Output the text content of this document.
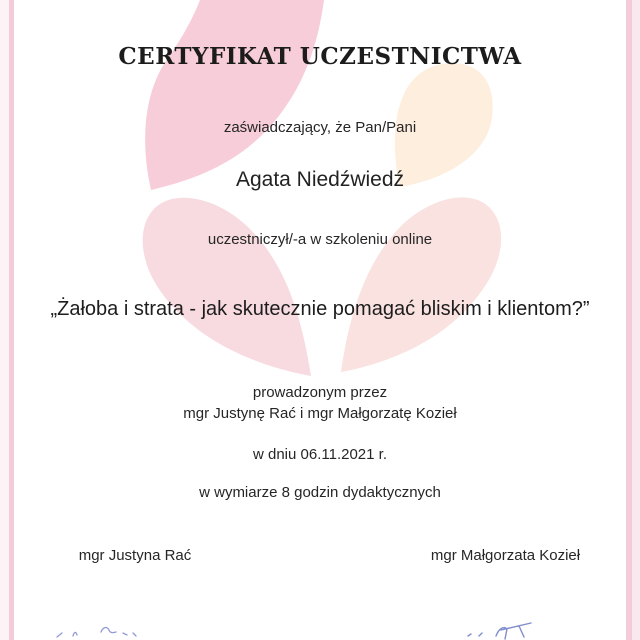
CERTYFIKAT UCZESTNICTWA
zaświadczający, że Pan/Pani
Agata Niedźwiedź
uczestniczył/-a w szkoleniu online
„Żałoba i strata - jak skutecznie pomagać bliskim i klientom?”
prowadzonym przez
mgr Justynę Rać i mgr Małgorzatę Kozieł
w dniu 06.11.2021 r.
w wymiarze 8 godzin dydaktycznych
mgr Justyna Rać	mgr Małgorzata Kozieł
